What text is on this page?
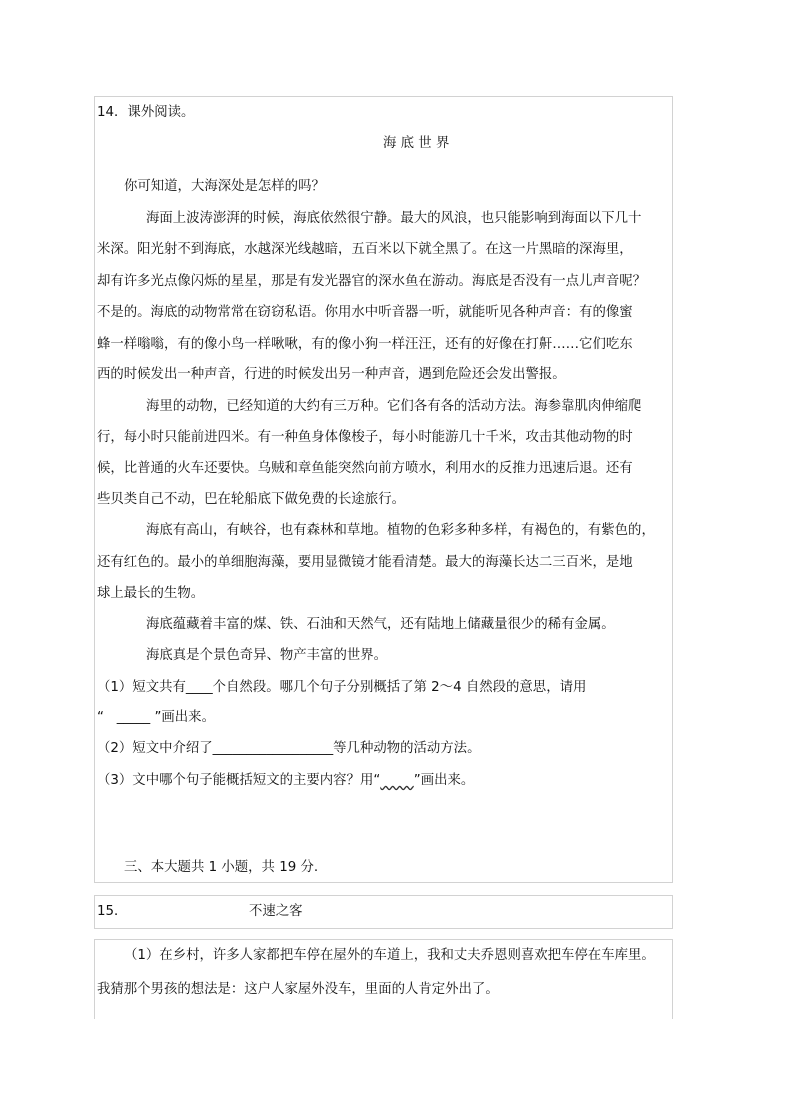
14．课外阅读。
海 底 世 界
你可知道，大海深处是怎样的吗？
海面上波涛澎湃的时候，海底依然很宁静。最大的风浪，也只能影响到海面以下几十
米深。阳光射不到海底，水越深光线越暗，五百米以下就全黑了。在这一片黑暗的深海里，
却有许多光点像闪烁的星星，那是有发光器官的深水鱼在游动。海底是否没有一点儿声音呢？
不是的。海底的动物常常在窃窃私语。你用水中听音器一听，就能听见各种声音：有的像蜜
蜂一样嗡嗡，有的像小鸟一样啾啾，有的像小狗一样汪汪，还有的好像在打鼾……它们吃东
西的时候发出一种声音，行进的时候发出另一种声音，遇到危险还会发出警报。
海里的动物，已经知道的大约有三万种。它们各有各的活动方法。海参靠肌肉伸缩爬
行，每小时只能前进四米。有一种鱼身体像梭子，每小时能游几十千米，攻击其他动物的时
候，比普通的火车还要快。乌贼和章鱼能突然向前方喷水，利用水的反推力迅速后退。还有
些贝类自己不动，巴在轮船底下做免费的长途旅行。
海底有高山，有峡谷，也有森林和草地。植物的色彩多种多样，有褐色的，有紫色的，
还有红色的。最小的单细胞海藻，要用显微镜才能看清楚。最大的海藻长达二三百米，是地
球上最长的生物。
海底蕴藏着丰富的煤、铁、石油和天然气，还有陆地上储藏量很少的稀有金属。
海底真是个景色奇异、物产丰富的世界。
（1）短文共有____个自然段。哪几个句子分别概括了第 2～4 自然段的意思，请用
“ _____ ”画出来。
（2）短文中介绍了__________________等几种动物的活动方法。
（3）文中哪个句子能概括短文的主要内容？用“ ”画出来。
三、本大题共 1 小题，共 19 分.
15．	不速之客
（1）在乡村，许多人家都把车停在屋外的车道上，我和丈夫乔恩则喜欢把车停在车库里。
我猜那个男孩的想法是：这户人家屋外没车，里面的人肯定外出了。
